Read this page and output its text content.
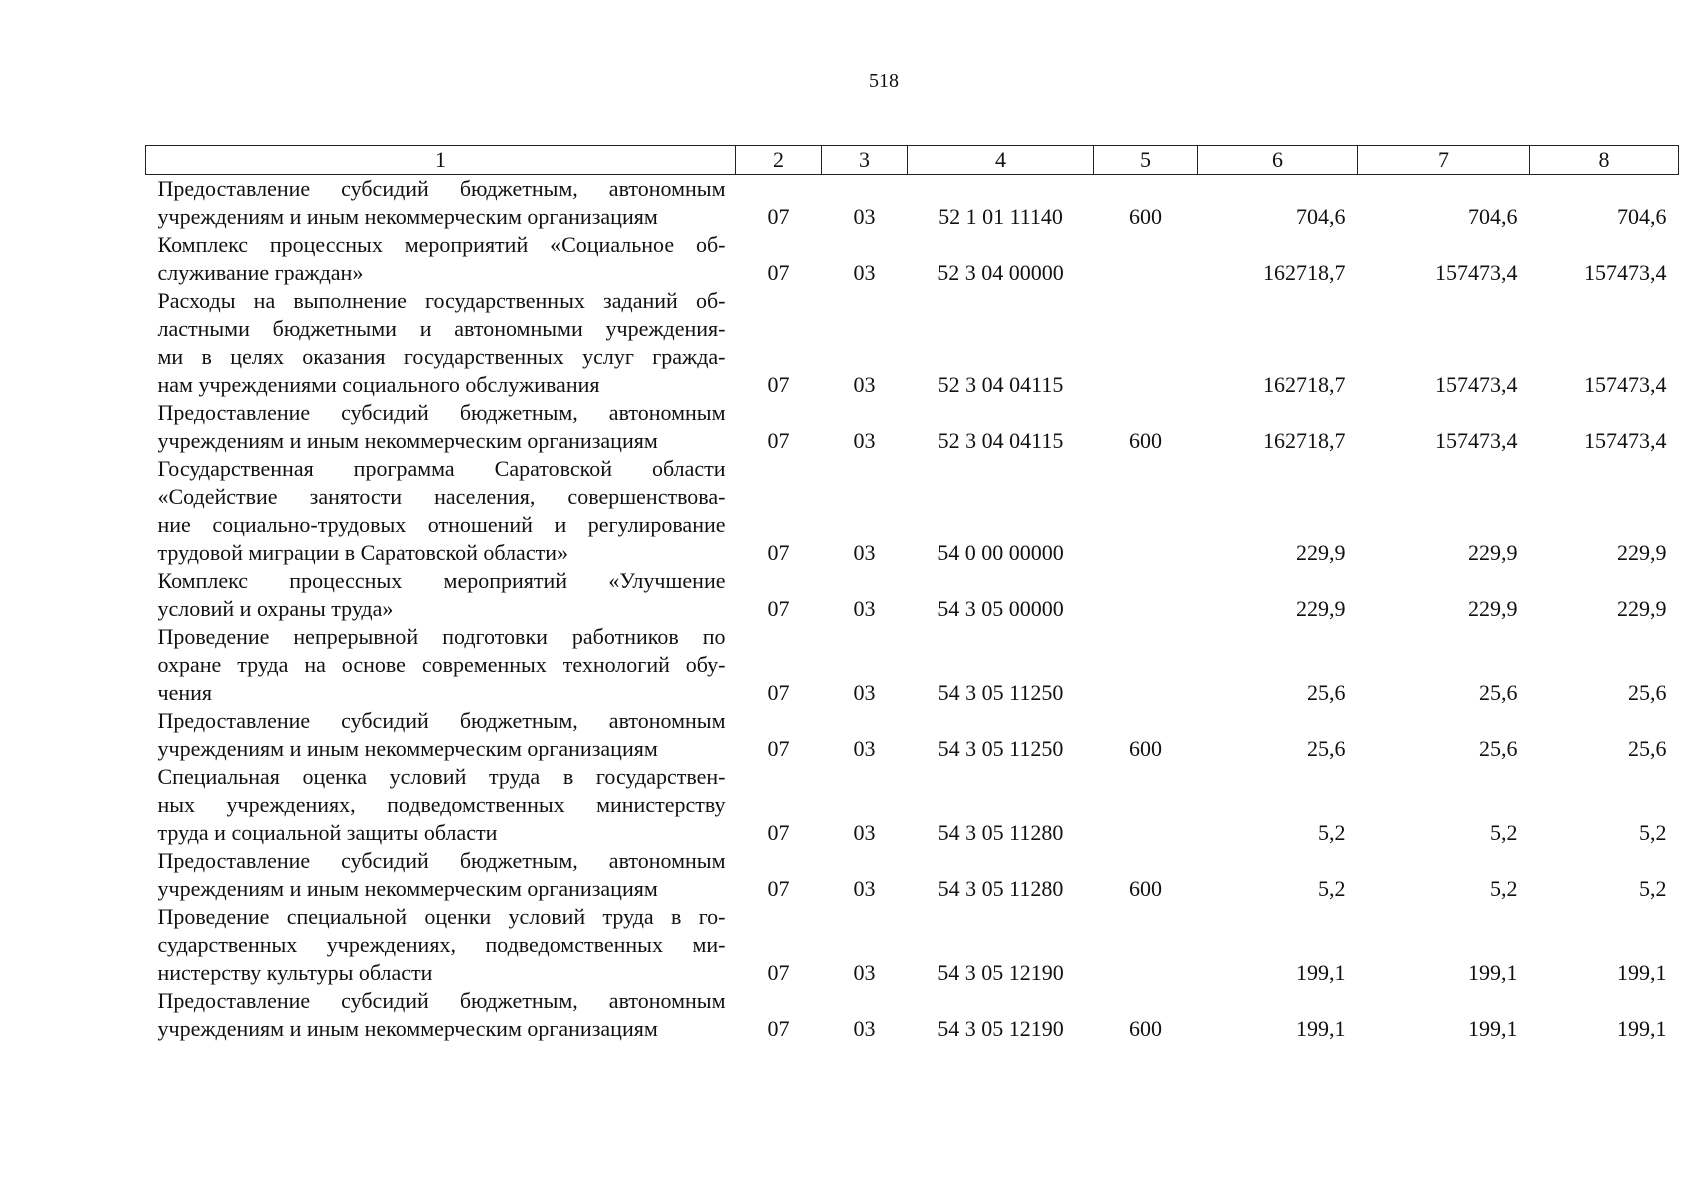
518
1	2	3	4	5	6	7	8

Предоставление субсидий бюджетным, автономным
учреждениям и иным некоммерческим организациям	07	03	52 1 01 11140	600	704,6	704,6	704,6

Комплекс процессных мероприятий «Социальное об-
служивание граждан»	07	03	52 3 04 00000		162718,7	157473,4	157473,4

Расходы на выполнение государственных заданий об-
ластными бюджетными и автономными учреждения-
ми в целях оказания государственных услуг гражда-
нам учреждениями социального обслуживания	07	03	52 3 04 04115		162718,7	157473,4	157473,4

Предоставление субсидий бюджетным, автономным
учреждениям и иным некоммерческим организациям	07	03	52 3 04 04115	600	162718,7	157473,4	157473,4

Государственная программа Саратовской области
«Содействие занятости населения, совершенствова-
ние социально-трудовых отношений и регулирование
трудовой миграции в Саратовской области»	07	03	54 0 00 00000		229,9	229,9	229,9

Комплекс процессных мероприятий «Улучшение
условий и охраны труда»	07	03	54 3 05 00000		229,9	229,9	229,9

Проведение непрерывной подготовки работников по
охране труда на основе современных технологий обу-
чения	07	03	54 3 05 11250		25,6	25,6	25,6

Предоставление субсидий бюджетным, автономным
учреждениям и иным некоммерческим организациям	07	03	54 3 05 11250	600	25,6	25,6	25,6

Специальная оценка условий труда в государствен-
ных учреждениях, подведомственных министерству
труда и социальной защиты области	07	03	54 3 05 11280		5,2	5,2	5,2

Предоставление субсидий бюджетным, автономным
учреждениям и иным некоммерческим организациям	07	03	54 3 05 11280	600	5,2	5,2	5,2

Проведение специальной оценки условий труда в го-
сударственных учреждениях, подведомственных ми-
нистерству культуры области	07	03	54 3 05 12190		199,1	199,1	199,1

Предоставление субсидий бюджетным, автономным
учреждениям и иным некоммерческим организациям	07	03	54 3 05 12190	600	199,1	199,1	199,1
